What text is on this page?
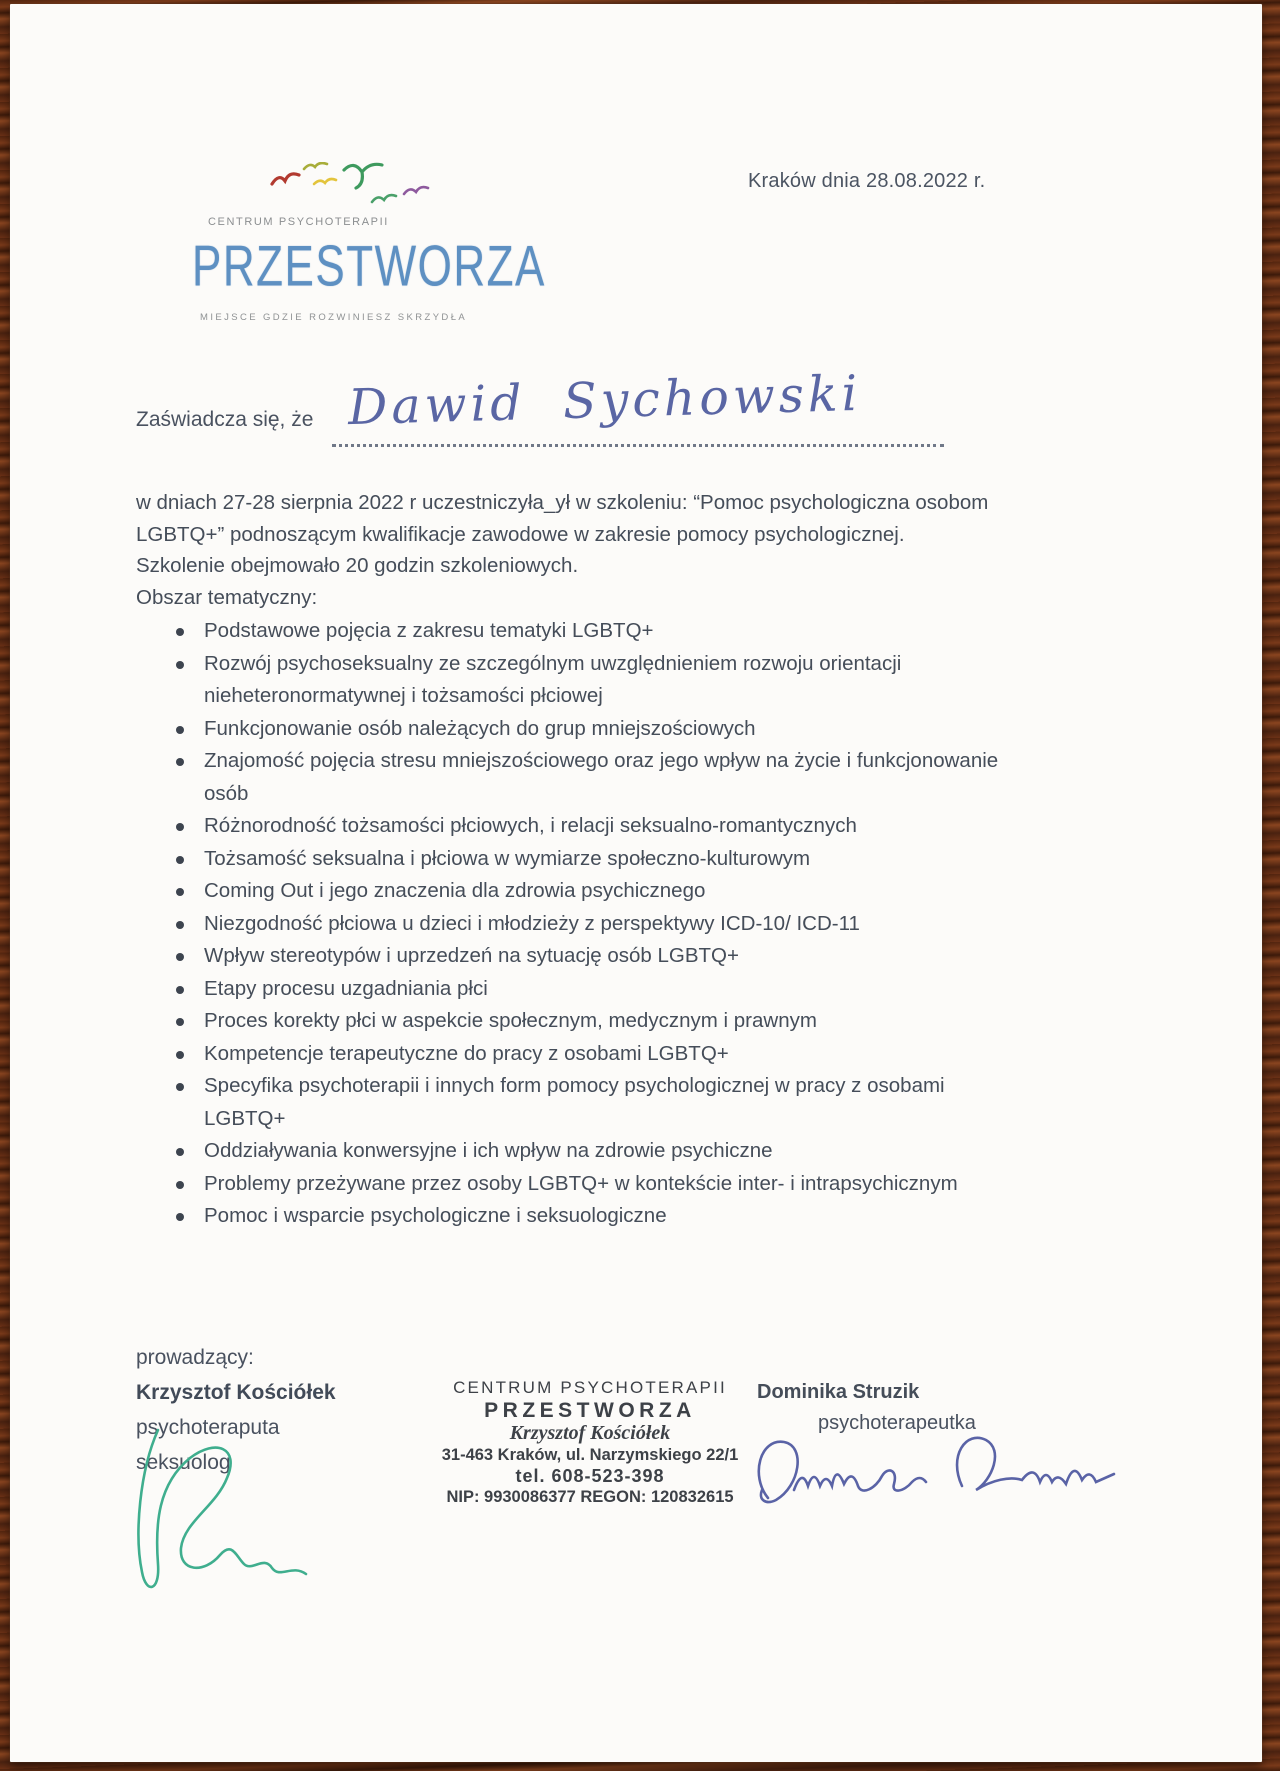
Kraków dnia 28.08.2022 r.
CENTRUM PSYCHOTERAPII
PRZESTWORZA
MIEJSCE GDZIE ROZWINIESZ SKRZYDŁA
Zaświadcza się, że Dawid Sychowski

w dniach 27-28 sierpnia 2022 r uczestniczyła_ył w szkoleniu: “Pomoc psychologiczna osobom LGBTQ+” podnoszącym kwalifikacje zawodowe w zakresie pomocy psychologicznej. Szkolenie obejmowało 20 godzin szkoleniowych.

Obszar tematyczny:
Podstawowe pojęcia z zakresu tematyki LGBTQ+
Rozwój psychoseksualny ze szczególnym uwzględnieniem rozwoju orientacji nieheteronormatywnej i tożsamości płciowej
Funkcjonowanie osób należących do grup mniejszościowych
Znajomość pojęcia stresu mniejszościowego oraz jego wpływ na życie i funkcjonowanie osób
Różnorodność tożsamości płciowych, i relacji seksualno-romantycznych
Tożsamość seksualna i płciowa w wymiarze społeczno-kulturowym
Coming Out i jego znaczenia dla zdrowia psychicznego
Niezgodność płciowa u dzieci i młodzieży z perspektywy ICD-10/ ICD-11
Wpływ stereotypów i uprzedzeń na sytuację osób LGBTQ+
Etapy procesu uzgadniania płci
Proces korekty płci w aspekcie społecznym, medycznym i prawnym
Kompetencje terapeutyczne do pracy z osobami LGBTQ+
Specyfika psychoterapii i innych form pomocy psychologicznej w pracy z osobami LGBTQ+
Oddziaływania konwersyjne i ich wpływ na zdrowie psychiczne
Problemy przeżywane przez osoby LGBTQ+ w kontekście inter- i intrapsychicznym
Pomoc i wsparcie psychologiczne i seksuologiczne
prowadzący:
Krzysztof Kościółek
psychoteraputa
seksuolog
CENTRUM PSYCHOTERAPII
PRZESTWORZA
Krzysztof Kościółek
31-463 Kraków, ul. Narzymskiego 22/1
tel. 608-523-398
NIP: 9930086377 REGON: 120832615
Dominika Struzik
psychoterapeutka
